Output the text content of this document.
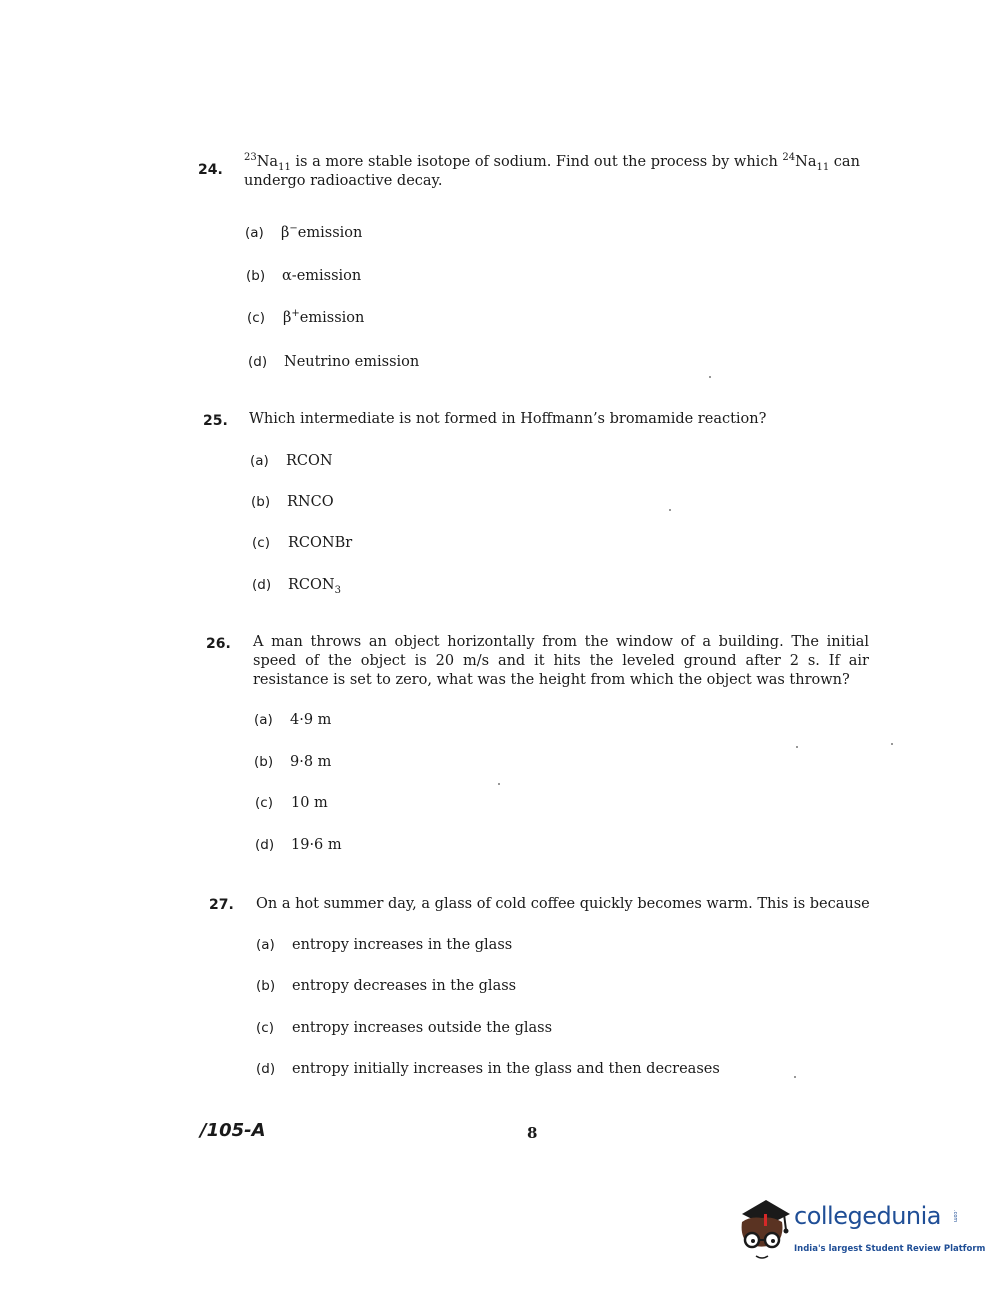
24.
$^{23}Na_{11}$ is a more stable isotope of sodium. Find out the process by which $^{24}Na_{11}$ can undergo radioactive decay.
(a) β−emission
(b) α-emission
(c) β+emission
(d) Neutrino emission
25. Which intermediate is not formed in Hoffmann’s bromamide reaction?
(a) RCON
(b) RNCO
(c) RCONBr
(d) $RCON_3$
26. A man throws an object horizontally from the window of a building. The initial speed of the object is 20 m/s and it hits the leveled ground after 2 s. If air resistance is set to zero, what was the height from which the object was thrown?
(a) 4·9 m
(b) 9·8 m
(c) 10 m
(d) 19·6 m
27. On a hot summer day, a glass of cold coffee quickly becomes warm. This is because
(a) entropy increases in the glass
(b) entropy decreases in the glass
(c) entropy increases outside the glass
(d) entropy initially increases in the glass and then decreases
/105-A	8
collegedunia .com
India's largest Student Review Platform
